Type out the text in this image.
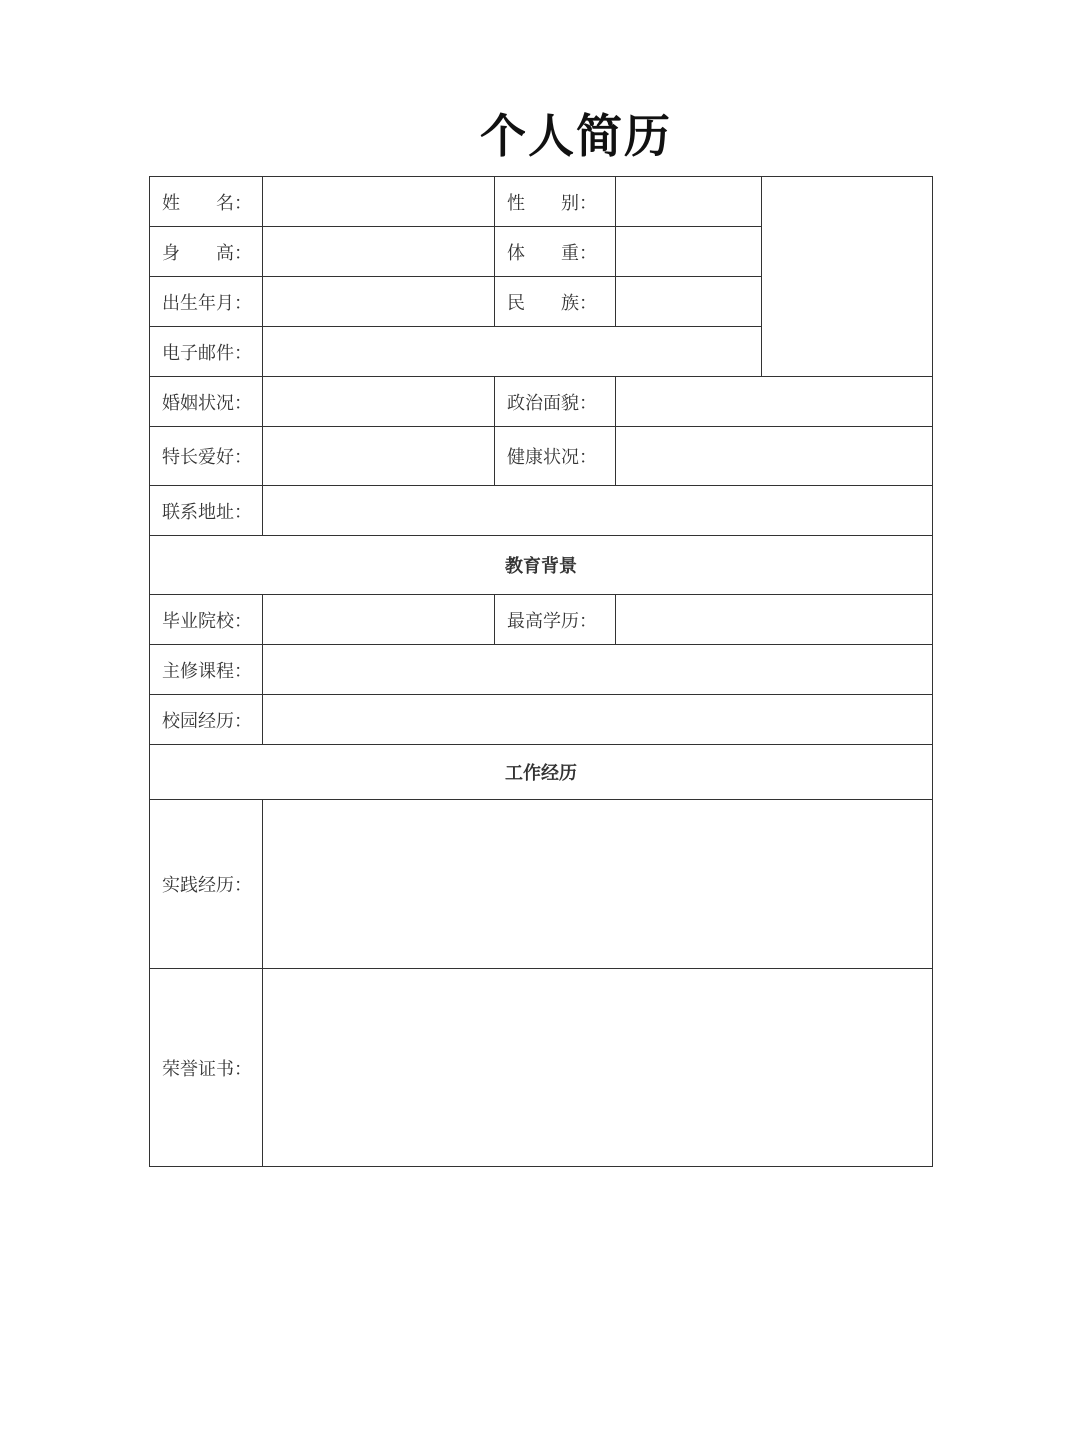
个人简历
姓　　名：		性　　别：		
身　　高：		体　　重：		
出生年月：		民　　族：		
电子邮件：				
婚姻状况：		政治面貌：		
特长爱好：		健康状况：		
联系地址：				
教育背景				
毕业院校：		最高学历：		
主修课程：				
校园经历：				
工作经历				
实践经历：				
荣誉证书：				
